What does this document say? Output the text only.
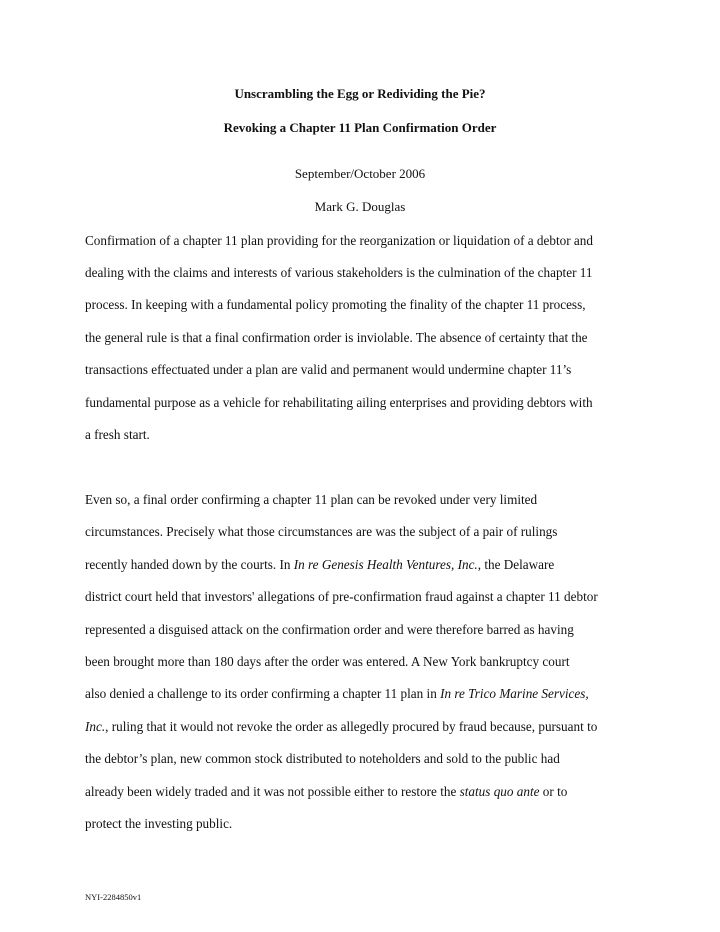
Unscrambling the Egg or Redividing the Pie?
Revoking a Chapter 11 Plan Confirmation Order
September/October 2006
Mark G. Douglas
Confirmation of a chapter 11 plan providing for the reorganization or liquidation of a debtor and
dealing with the claims and interests of various stakeholders is the culmination of the chapter 11
process. In keeping with a fundamental policy promoting the finality of the chapter 11 process,
the general rule is that a final confirmation order is inviolable. The absence of certainty that the
transactions effectuated under a plan are valid and permanent would undermine chapter 11’s
fundamental purpose as a vehicle for rehabilitating ailing enterprises and providing debtors with
a fresh start.
Even so, a final order confirming a chapter 11 plan can be revoked under very limited
circumstances. Precisely what those circumstances are was the subject of a pair of rulings
recently handed down by the courts. In In re Genesis Health Ventures, Inc., the Delaware
district court held that investors' allegations of pre-confirmation fraud against a chapter 11 debtor
represented a disguised attack on the confirmation order and were therefore barred as having
been brought more than 180 days after the order was entered. A New York bankruptcy court
also denied a challenge to its order confirming a chapter 11 plan in In re Trico Marine Services,
Inc., ruling that it would not revoke the order as allegedly procured by fraud because, pursuant to
the debtor’s plan, new common stock distributed to noteholders and sold to the public had
already been widely traded and it was not possible either to restore the status quo ante or to
protect the investing public.
NYI-2284850v1
